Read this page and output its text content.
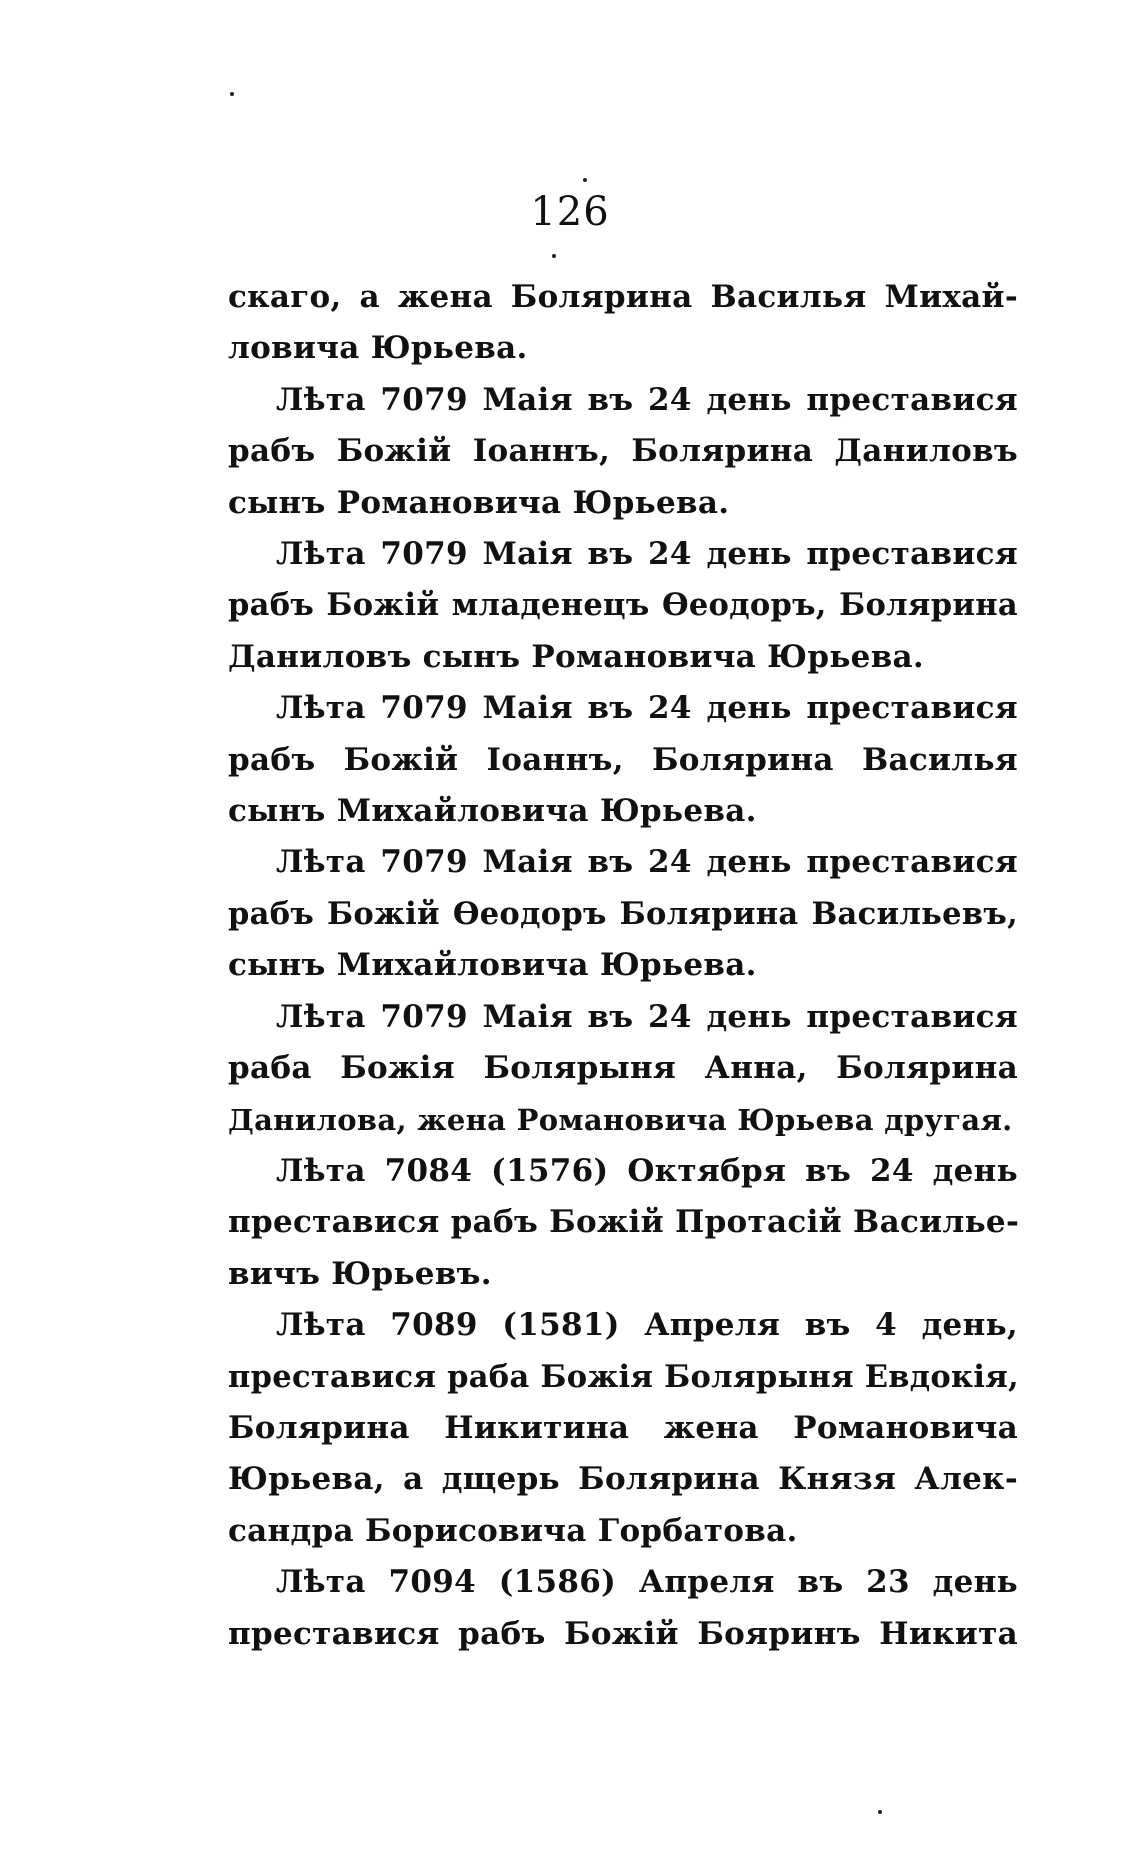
126
скаго, а жена Болярина Василья Михай-
ловича Юрьева.
Лѣта 7079 Маія въ 24 день преставися
рабъ Божій Іоаннъ, Болярина Даниловъ
сынъ Романовича Юрьева.
Лѣта 7079 Маія въ 24 день преставися
рабъ Божій младенецъ Өеодоръ, Болярина
Даниловъ сынъ Романовича Юрьева.
Лѣта 7079 Маія въ 24 день преставися
рабъ Божій Іоаннъ, Болярина Василья
сынъ Михайловича Юрьева.
Лѣта 7079 Маія въ 24 день преставися
рабъ Божій Өеодоръ Болярина Васильевъ,
сынъ Михайловича Юрьева.
Лѣта 7079 Маія въ 24 день преставися
раба Божія Болярыня Анна, Болярина
Данилова, жена Романовича Юрьева другая.
Лѣта 7084 (1576) Октября въ 24 день
преставися рабъ Божій Протасій Василье-
вичъ Юрьевъ.
Лѣта 7089 (1581) Апреля въ 4 день,
преставися раба Божія Болярыня Евдокія,
Болярина Никитина жена Романовича
Юрьева, а дщерь Болярина Князя Алек-
сандра Борисовича Горбатова.
Лѣта 7094 (1586) Апреля въ 23 день
преставися рабъ Божій Бояринъ Никита
